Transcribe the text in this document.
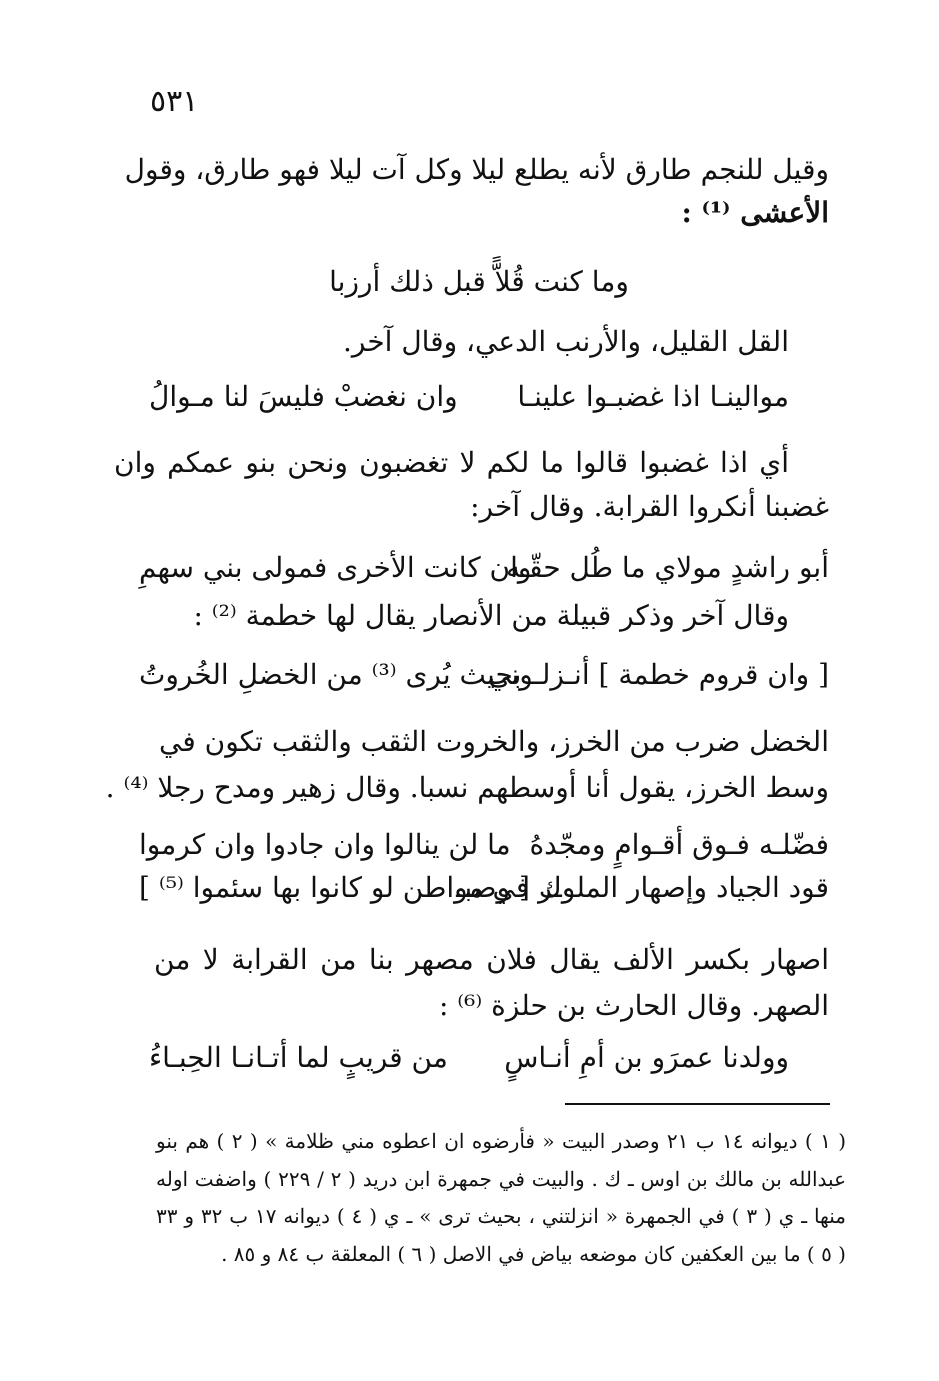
٥٣١
وقيل للنجم طارق لأنه يطلع ليلا وكل آت ليلا فهو طارق، وقول
الأعشى ⁽¹⁾ :
وما كنت قُلاًّ قبل ذلك أرزبا
القل القليل، والأرنب الدعي، وقال آخر.
موالينـا اذا غضبـوا علينـا
وان نغضبْ فليسَ لنا مـوالُ
أي اذا غضبوا قالوا ما لكم لا تغضبون ونحن بنو عمكم وان
غضبنا أنكروا القرابة. وقال آخر:
أبو راشدٍ مولاي ما طُل حقّـه
وان كانت الأخرى فمولى بني سهمِ
وقال آخر وذكر قبيلة من الأنصار يقال لها خطمة ⁽²⁾ :
[ وان قروم خطمة ] أنـزلـوني
بحيث يُرى ⁽³⁾ من الخضلِ الخُروتُ
الخضل ضرب من الخرز، والخروت الثقب والثقب تكون في
وسط الخرز، يقول أنا أوسطهم نسبا. وقال زهير ومدح رجلا ⁽⁴⁾ .
فضّلـه فـوق أقـوامٍ ومجّدهُ
ما لن ينالوا وان جادوا وان كرموا
قود الجياد وإصهار الملوك [ وصبـ
ـر في مواطن لو كانوا بها سئموا ⁽⁵⁾ ]
اصهار بكسر الألف يقال فلان مصهر بنا من القرابة لا من
الصهر. وقال الحارث بن حلزة ⁽⁶⁾ :
وولدنا عمرَو بن أمِ أنـاسٍ
من قريبٍ لما أتـانـا الحِبـاءُ
( ١ ) ديوانه ١٤ ب ٢١ وصدر البيت « فأرضوه ان اعطوه مني ظلامة » ( ٢ ) هم بنو
عبدالله بن مالك بن اوس ـ ك . والبيت في جمهرة ابن دريد ( ٢ / ٢٢٩ ) واضفت اوله
منها ـ ي ( ٣ ) في الجمهرة « انزلتني ، بحيث ترى » ـ ي ( ٤ ) ديوانه ١٧ ب ٣٢ و ٣٣
( ٥ ) ما بين العكفين كان موضعه بياض في الاصل ( ٦ ) المعلقة ب ٨٤ و ٨٥ .
